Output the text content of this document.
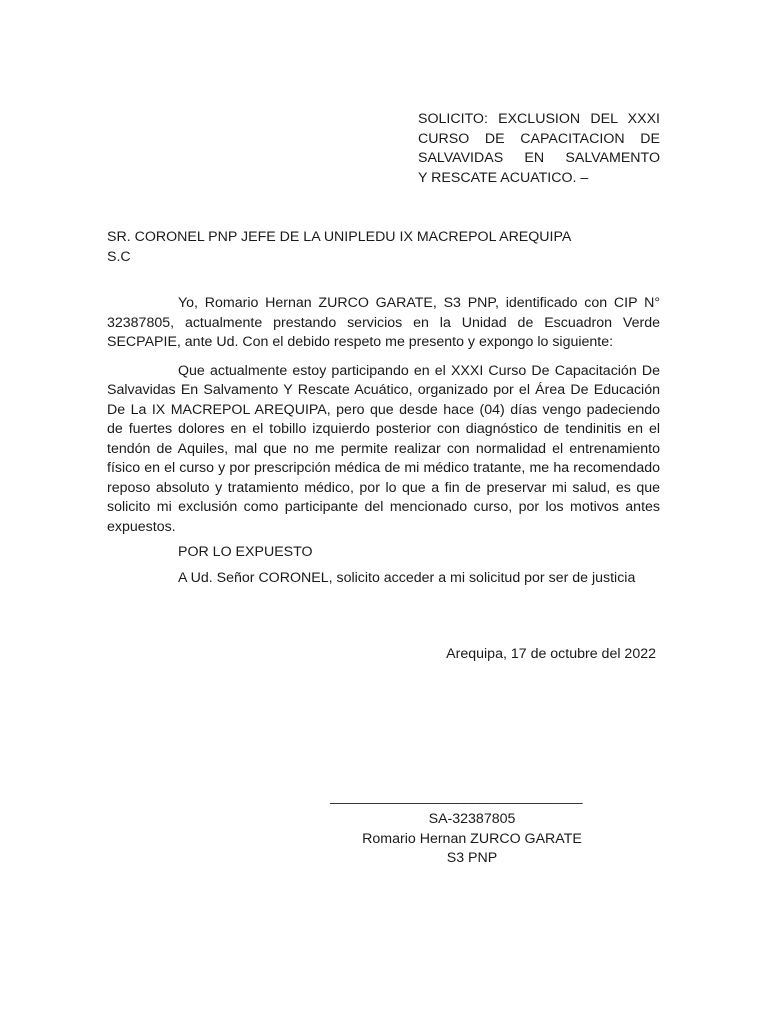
SOLICITO: EXCLUSION DEL XXXI
CURSO DE CAPACITACION DE
SALVAVIDAS EN SALVAMENTO
Y RESCATE ACUATICO. –
SR. CORONEL PNP JEFE DE LA UNIPLEDU IX MACREPOL AREQUIPA
S.C

Yo, Romario Hernan ZURCO GARATE, S3 PNP, identificado con CIP N° 32387805, actualmente prestando servicios en la Unidad de Escuadron Verde SECPAPIE, ante Ud. Con el debido respeto me presento y expongo lo siguiente:

Que actualmente estoy participando en el XXXI Curso De Capacitación De Salvavidas En Salvamento Y Rescate Acuático, organizado por el Área De Educación De La IX MACREPOL AREQUIPA, pero que desde hace (04) días vengo padeciendo de fuertes dolores en el tobillo izquierdo posterior con diagnóstico de tendinitis en el tendón de Aquiles, mal que no me permite realizar con normalidad el entrenamiento físico en el curso y por prescripción médica de mi médico tratante, me ha recomendado reposo absoluto y tratamiento médico, por lo que a fin de preservar mi salud, es que solicito mi exclusión como participante del mencionado curso, por los motivos antes expuestos.

POR LO EXPUESTO

A Ud. Señor CORONEL, solicito acceder a mi solicitud por ser de justicia

Arequipa, 17 de octubre del 2022
________________________________
SA-32387805
Romario Hernan ZURCO GARATE
S3 PNP
